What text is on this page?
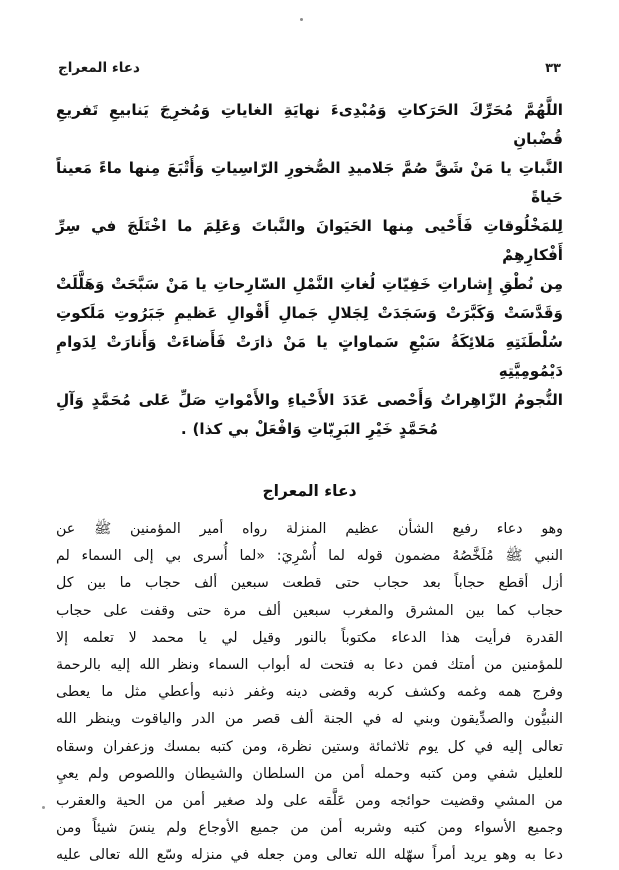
دعاء المعراج	٣٣

اللَّهُمَّ مُحَرِّكَ الحَرَكاتِ وَمُبْدِىءَ نهايَةِ الغاياتِ وَمُخرِجَ يَنابيعِ تَفريعِ قُضْبانِ

النَّباتِ يا مَنْ شَقَّ صُمَّ جَلاميدِ الصُّخورِ الرّاسِياتِ وَأَتْبَعَ مِنها ماءً مَعيناً حَياةً

لِلمَخْلُوقاتِ فَأَحْيى مِنها الحَيَوانَ والنَّباتَ وَعَلِمَ ما اخْتَلَجَ في سِرِّ أَفْكارِهِمْ

مِن نُطْقِ إِشاراتِ خَفِيّاتِ لُغاتِ النَّمْلِ السّارِحاتِ يا مَنْ سَبَّحَتْ وَهَلَّلَتْ

وَقَدَّسَتْ وَكَبَّرَتْ وَسَجَدَتْ لِجَلالِ جَمالِ أَقْوالِ عَظيمِ جَبَرُوتِ مَلَكوتِ

سُلْطَنَتِهِ مَلائِكَةُ سَبْعِ سَماواتٍ يا مَنْ ذارَتْ فَأَضاءَتْ وَأَنارَتْ لِدَوامِ دَيْمُومِيَّتِهِ

النُّجومُ الزّاهِراتُ وَأَحْصى عَدَدَ الأَحْياءِ والأَمْواتِ صَلِّ عَلى مُحَمَّدٍ وَآلِ

مُحَمَّدٍ خَيْرِ البَرِيّاتِ وَافْعَلْ بي كذا) .

دعاء المعراج

وهو دعاء رفيع الشأن عظيم المنزلة رواه أمير المؤمنين ﷺ عن

النبي ﷺ مُلَخَّصُهُ مضمون قوله لما أُسْرِيَ: «لما أُسرى بي إلى السماء لم

أزل أقطع حجاباً بعد حجاب حتى قطعت سبعين ألف حجاب ما بين كل

حجاب كما بين المشرق والمغرب سبعين ألف مرة حتى وقفت على حجاب

القدرة فرأيت هذا الدعاء مكتوباً بالنور وقيل لي يا محمد لا تعلمه إلا

للمؤمنين من أمتك فمن دعا به فتحت له أبواب السماء ونظر الله إليه بالرحمة

وفرج همه وغمه وكشف كربه وقضى دينه وغفر ذنبه وأعطي مثل ما يعطى

النبيُّون والصدِّيقون وبني له في الجنة ألف قصر من الدر والياقوت وينظر الله

تعالى إليه في كل يوم ثلاثمائة وستين نظرة، ومن كتبه بمسك وزعفران وسقاه

للعليل شفي ومن كتبه وحمله أمن من السلطان والشيطان واللصوص ولم يعيِ

من المشي وقضيت حوائجه ومن عَلَّقه على ولد صغير أمن من الحية والعقرب

وجميع الأسواء ومن كتبه وشربه أمن من جميع الأوجاع ولم ينسَ شيئاً ومن

دعا به وهو يريد أمراً سهّله الله تعالى ومن جعله في منزله وسّع الله تعالى عليه
